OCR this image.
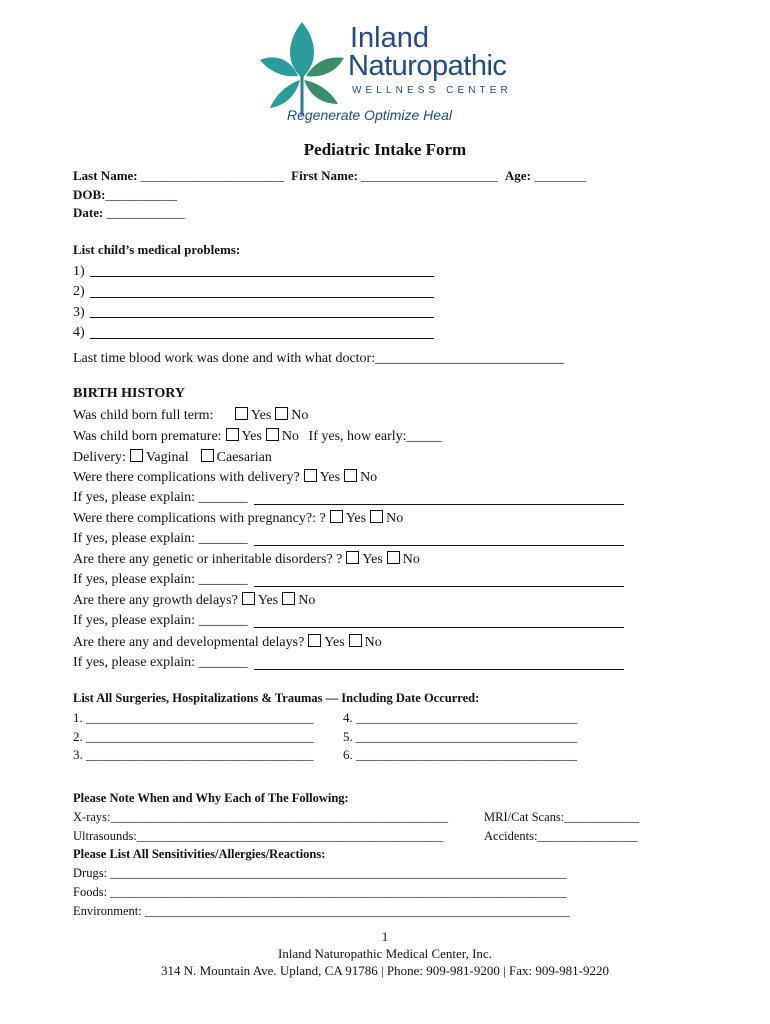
Inland
Naturopathic
WELLNESS CENTER
Regenerate Optimize Heal
Pediatric Intake Form
Last Name: ______________________ First Name: _____________________ Age: ________
DOB:___________
Date: ____________
List child’s medical problems:
1)
2)
3)
4)
Last time blood work was done and with what doctor:___________________________
BIRTH HISTORY
Was child born full term:	Yes No
Was child born premature: Yes No If yes, how early:_____
Delivery: Vaginal Caesarian
Were there complications with delivery? Yes No
If yes, please explain: _______
Were there complications with pregnancy?: ? Yes No
If yes, please explain: _______
Are there any genetic or inheritable disorders? ? Yes No
If yes, please explain: _______
Are there any growth delays? Yes No
If yes, please explain: _______
Are there any and developmental delays? Yes No
If yes, please explain: _______
List All Surgeries, Hospitalizations & Traumas — Including Date Occurred:
1. ___________________________________ 4. __________________________________
2. ___________________________________ 5. __________________________________
3. ___________________________________ 6. __________________________________
Please Note When and Why Each of The Following:
X-rays:______________________________________________________	MRI/Cat Scans:____________
Ultrasounds:_________________________________________________	Accidents:________________
Please List All Sensitivities/Allergies/Reactions:
Drugs: _________________________________________________________________________
Foods: _________________________________________________________________________
Environment: ____________________________________________________________________
1
Inland Naturopathic Medical Center, Inc.
314 N. Mountain Ave. Upland, CA 91786 | Phone: 909-981-9200 | Fax: 909-981-9220
